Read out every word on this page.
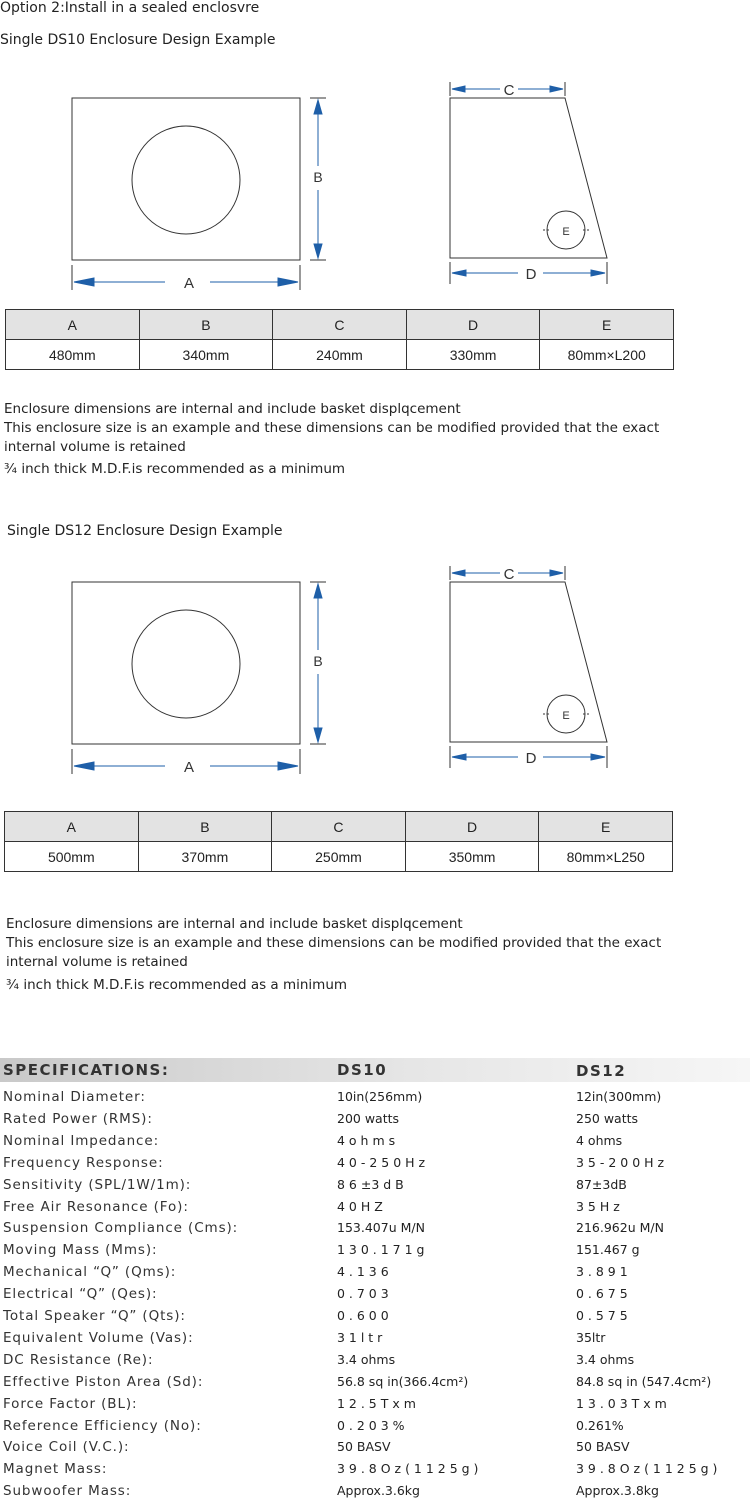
Option 2:Install in a sealed enclosvre
Single DS10 Enclosure Design Example
B
A
C
D
E
A	B	C	D	E
480mm	340mm	240mm	330mm	80mm×L200
Enclosure dimensions are internal and include basket displqcement
This enclosure size is an example and these dimensions can be modified provided that the exact
internal volume is retained
¾ inch thick M.D.F.is recommended as a minimum
Single DS12 Enclosure Design Example
B
A
C
D
E
A	B	C	D	E
500mm	370mm	250mm	350mm	80mm×L250
Enclosure dimensions are internal and include basket displqcement
This enclosure size is an example and these dimensions can be modified provided that the exact
internal volume is retained
¾ inch thick M.D.F.is recommended as a minimum
SPECIFICATIONS:	DS10	DS12
Nominal Diameter:	10in(256mm)	12in(300mm)
Rated Power (RMS):	200 watts	250 watts
Nominal Impedance:	4 o h m s	4 ohms
Frequency Response:	4 0 - 2 5 0 H z	3 5 - 2 0 0 H z
Sensitivity (SPL/1W/1m):	8 6 ±3 d B	87±3dB
Free Air Resonance (Fo):	4 0 H Z	3 5 H z
Suspension Compliance (Cms):	153.407u M/N	216.962u M/N
Moving Mass (Mms):	1 3 0 . 1 7 1 g	151.467 g
Mechanical “Q” (Qms):	4 . 1 3 6	3 . 8 9 1
Electrical “Q” (Qes):	0 . 7 0 3	0 . 6 7 5
Total Speaker “Q” (Qts):	0 . 6 0 0	0 . 5 7 5
Equivalent Volume (Vas):	3 1 l t r	35ltr
DC Resistance (Re):	3.4 ohms	3.4 ohms
Effective Piston Area (Sd):	56.8 sq in(366.4cm²)	84.8 sq in (547.4cm²)
Force Factor (BL):	1 2 . 5 T x m	1 3 . 0 3 T x m
Reference Efficiency (No):	0 . 2 0 3 %	0.261%
Voice Coil (V.C.):	50 BASV	50 BASV
Magnet Mass:	3 9 . 8 O z ( 1 1 2 5 g )	3 9 . 8 O z ( 1 1 2 5 g )
Subwoofer Mass:	Approx.3.6kg	Approx.3.8kg
